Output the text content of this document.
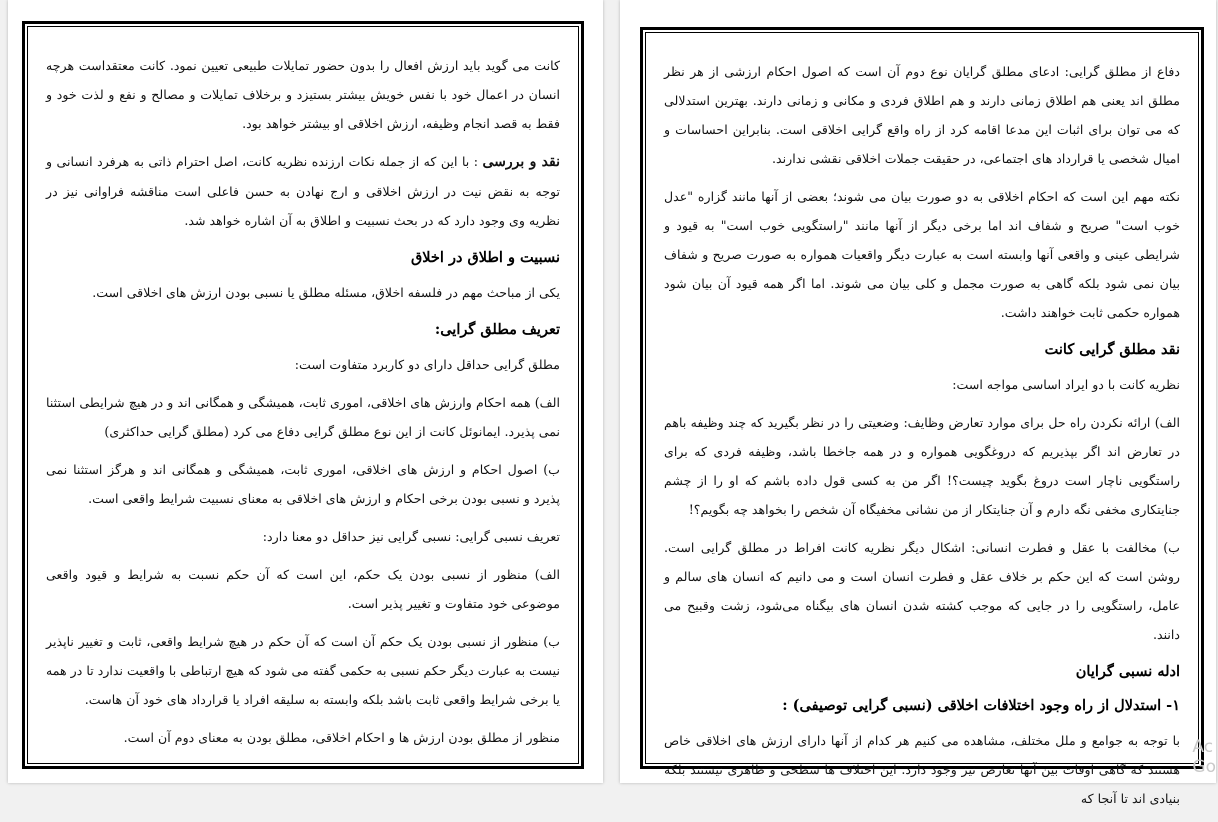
کانت می گوید باید ارزش افعال را بدون حضور تمایلات طبیعی تعیین نمود. کانت معتقداست هرچه انسان در اعمال خود با نفس خویش بیشتر بستیزد و برخلاف تمایلات و مصالح و نفع و لذت خود و فقط به قصد انجام وظیفه، ارزش اخلاقی او بیشتر خواهد بود.

نقد و بررسی : با این که از جمله نکات ارزنده نظریه کانت، اصل احترام ذاتی به هرفرد انسانی و توجه به نقض نیت در ارزش اخلاقی و ارج نهادن به حسن فاعلی است مناقشه فراوانی نیز در نظریه وی وجود دارد که در بحث نسبیت و اطلاق به آن اشاره خواهد شد.

نسبیت و اطلاق در اخلاق

یکی از مباحث مهم در فلسفه اخلاق، مسئله مطلق یا نسبی بودن ارزش های اخلاقی است.

تعریف مطلق گرایی:

مطلق گرایی حداقل دارای دو کاربرد متفاوت است:

الف) همه احکام وارزش های اخلاقی، اموری ثابت، همیشگی و همگانی اند و در هیچ شرایطی استثنا نمی پذیرد. ایمانوئل کانت از این نوع مطلق گرایی دفاع می کرد (مطلق گرایی حداکثری)

ب) اصول احکام و ارزش های اخلاقی، اموری ثابت، همیشگی و همگانی اند و هرگز استثنا نمی پذیرد و نسبی بودن برخی احکام و ارزش های اخلاقی به معنای نسبیت شرایط واقعی است.

تعریف نسبی گرایی: نسبی گرایی نیز حداقل دو معنا دارد:

الف) منظور از نسبی بودن یک حکم، این است که آن حکم نسبت به شرایط و قیود واقعی موضوعی خود متفاوت و تغییر پذیر است.

ب) منظور از نسبی بودن یک حکم آن است که آن حکم در هیچ شرایط واقعی، ثابت و تغییر ناپذیر نیست به عبارت دیگر حکم نسبی به حکمی گفته می شود که هیچ ارتباطی با واقعیت ندارد تا در همه یا برخی شرایط واقعی ثابت باشد بلکه وابسته به سلیقه افراد یا قرارداد های خود آن هاست.

منظور از مطلق بودن ارزش ها و احکام اخلاقی، مطلق بودن به معنای دوم آن است.

دفاع از مطلق گرایی: ادعای مطلق گرایان نوع دوم آن است که اصول احکام ارزشی از هر نظر مطلق اند یعنی هم اطلاق زمانی دارند و هم اطلاق فردی و مکانی و زمانی دارند. بهترین استدلالی که می توان برای اثبات این مدعا اقامه کرد از راه واقع گرایی اخلاقی است. بنابراین احساسات و امیال شخصی یا قرارداد های اجتماعی، در حقیقت جملات اخلاقی نقشی ندارند.

نکته مهم این است که احکام اخلاقی به دو صورت بیان می شوند؛ بعضی از آنها مانند گزاره "عدل خوب است" صریح و شفاف اند اما برخی دیگر از آنها مانند "راستگویی خوب است" به قیود و شرایطی عینی و واقعی آنها وابسته است به عبارت دیگر واقعیات همواره به صورت صریح و شفاف بیان نمی شود بلکه گاهی به صورت مجمل و کلی بیان می شوند. اما اگر همه قیود آن بیان شود همواره حکمی ثابت خواهند داشت.

نقد مطلق گرایی کانت

نظریه کانت با دو ایراد اساسی مواجه است:

الف) ارائه نکردن راه حل برای موارد تعارض وظایف: وضعیتی را در نظر بگیرید که چند وظیفه باهم در تعارض اند اگر بپذیریم که دروغگویی همواره و در همه جاخطا باشد، وظیفه فردی که برای راستگویی ناچار است دروغ بگوید چیست؟! اگر من به کسی قول داده باشم که او را از چشم جنایتکاری مخفی نگه دارم و آن جنایتکار از من نشانی مخفیگاه آن شخص را بخواهد چه بگویم؟!

ب) مخالفت با عقل و فطرت انسانی: اشکال دیگر نظریه کانت افراط در مطلق گرایی است. روشن است که این حکم بر خلاف عقل و فطرت انسان است و می دانیم که انسان های سالم و عامل، راستگویی را در جایی که موجب کشته شدن انسان های بیگناه می‌شود، زشت وقبیح می دانند.

ادله نسبی گرایان
۱- استدلال از راه وجود اختلافات اخلاقی (نسبی گرایی توصیفی) :

با توجه به جوامع و ملل مختلف، مشاهده می کنیم هر کدام از آنها دارای ارزش های اخلاقی خاص هستند که گاهی اوقات بین آنها تعارض نیز وجود دارد. این اختلاف ها سطحی و ظاهری نیستند بلکه بنیادی اند تا آنجا که

Ac
Go
